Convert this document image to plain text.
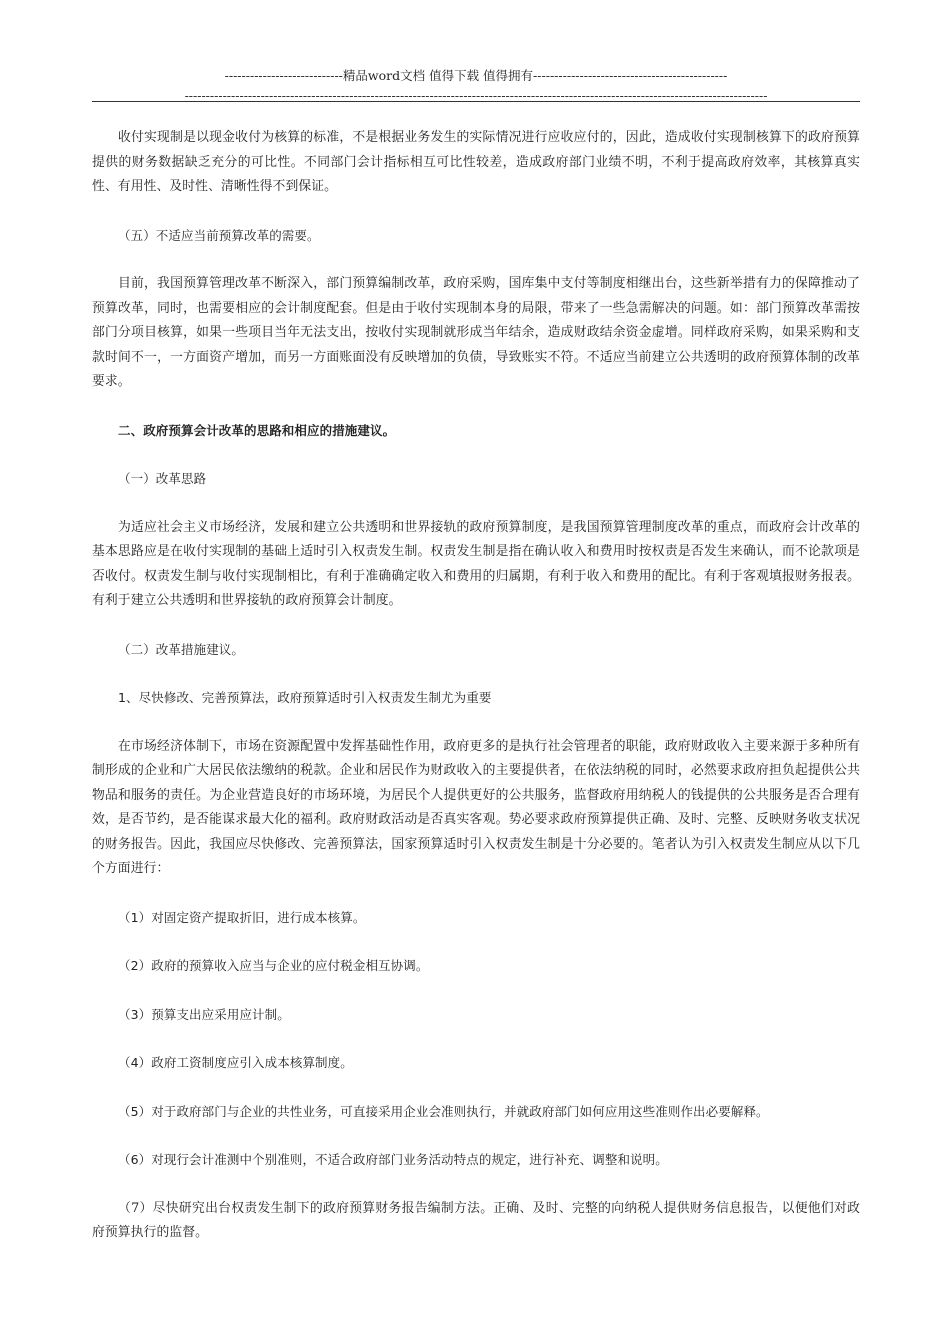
----------------------------精品word文档 值得下载 值得拥有----------------------------------------------
------------------------------------------------------------------------------------------------------------------------------------------

收付实现制是以现金收付为核算的标准，不是根据业务发生的实际情况进行应收应付的，因此，造成收付实现制核算下的政府预算提供的财务数据缺乏充分的可比性。不同部门会计指标相互可比性较差，造成政府部门业绩不明，不利于提高政府效率，其核算真实性、有用性、及时性、清晰性得不到保证。

（五）不适应当前预算改革的需要。

目前，我国预算管理改革不断深入，部门预算编制改革，政府采购，国库集中支付等制度相继出台，这些新举措有力的保障推动了预算改革，同时，也需要相应的会计制度配套。但是由于收付实现制本身的局限，带来了一些急需解决的问题。如：部门预算改革需按部门分项目核算，如果一些项目当年无法支出，按收付实现制就形成当年结余，造成财政结余资金虚增。同样政府采购，如果采购和支款时间不一，一方面资产增加，而另一方面账面没有反映增加的负债，导致账实不符。不适应当前建立公共透明的政府预算体制的改革要求。

二、政府预算会计改革的思路和相应的措施建议。

（一）改革思路

为适应社会主义市场经济，发展和建立公共透明和世界接轨的政府预算制度，是我国预算管理制度改革的重点，而政府会计改革的基本思路应是在收付实现制的基础上适时引入权责发生制。权责发生制是指在确认收入和费用时按权责是否发生来确认，而不论款项是否收付。权责发生制与收付实现制相比，有利于准确确定收入和费用的归属期，有利于收入和费用的配比。有利于客观填报财务报表。有利于建立公共透明和世界接轨的政府预算会计制度。

（二）改革措施建议。

1、尽快修改、完善预算法，政府预算适时引入权责发生制尤为重要

在市场经济体制下，市场在资源配置中发挥基础性作用，政府更多的是执行社会管理者的职能，政府财政收入主要来源于多种所有制形成的企业和广大居民依法缴纳的税款。企业和居民作为财政收入的主要提供者，在依法纳税的同时，必然要求政府担负起提供公共物品和服务的责任。为企业营造良好的市场环境，为居民个人提供更好的公共服务，监督政府用纳税人的钱提供的公共服务是否合理有效，是否节约，是否能谋求最大化的福利。政府财政活动是否真实客观。势必要求政府预算提供正确、及时、完整、反映财务收支状况的财务报告。因此，我国应尽快修改、完善预算法，国家预算适时引入权责发生制是十分必要的。笔者认为引入权责发生制应从以下几个方面进行：

（1）对固定资产提取折旧，进行成本核算。

（2）政府的预算收入应当与企业的应付税金相互协调。

（3）预算支出应采用应计制。

（4）政府工资制度应引入成本核算制度。

（5）对于政府部门与企业的共性业务，可直接采用企业会准则执行，并就政府部门如何应用这些准则作出必要解释。

（6）对现行会计准测中个别准则，不适合政府部门业务活动特点的规定，进行补充、调整和说明。

（7）尽快研究出台权责发生制下的政府预算财务报告编制方法。正确、及时、完整的向纳税人提供财务信息报告，以便他们对政府预算执行的监督。
